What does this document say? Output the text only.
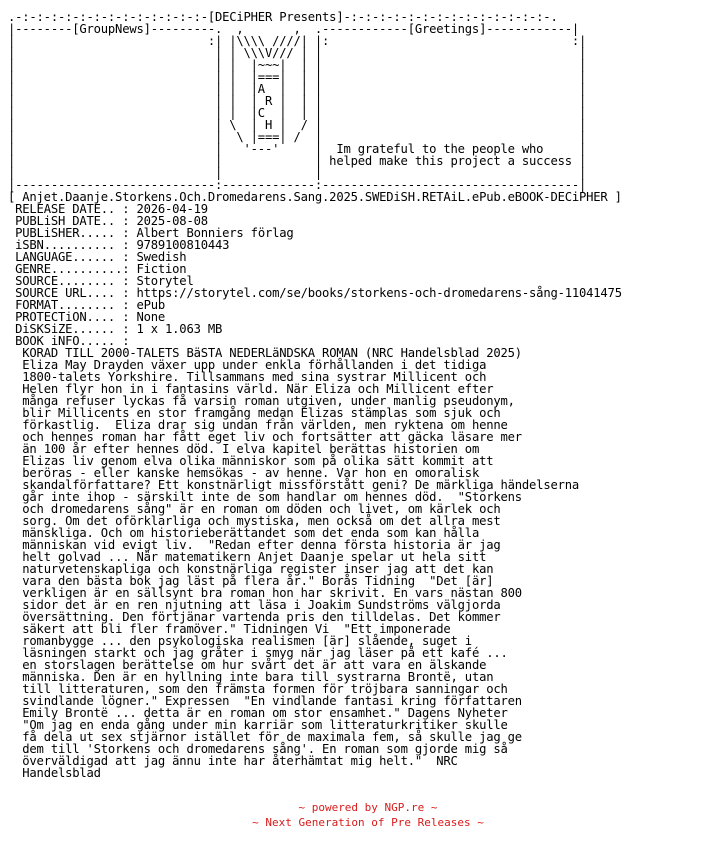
.-:-:-:-:-:-:-:-:-:-:-:-:-:-[DECiPHER Presents]-:-:-:-:-:-:-:-:-:-:-:-:-:-:-.
|--------[GroupNews]---------.  ,       ,  .------------[Greetings]------------|
|                           :| |\\\\ ////| |:                                  :|
|                            | | \\\V/// | |                                    |
|                            | |  |~~~|  | |                                    |
|                            | |  |===|  | |                                    |
|                            | |  |A  |  | |                                    |
|                            | |  | R |  | |                                    |
|                            | |  |C  |  | |                                    |
|                            | \  | H |  / |                                    |
|                            |  \ |===| /  |                                    |
|                            |   '---'     |  Im grateful to the people who     |
|                            |             | helped make this project a success |
|                            |             |                                    |
|----------------------------:-------------:------------------------------------|
[ Anjet.Daanje.Storkens.Och.Dromedarens.Sang.2025.SWEDiSH.RETAiL.ePub.eBOOK-DECiPHER ]
RELEASE DATE.. : 2026-04-19
PUBLiSH DATE.. : 2025-08-08
PUBLiSHER..... : Albert Bonniers förlag
iSBN.......... : 9789100810443
LANGUAGE...... : Swedish
GENRE..........: Fiction
SOURCE........ : Storytel
SOURCE URL.... : https://storytel.com/se/books/storkens-och-dromedarens-sång-11041475
FORMAT........ : ePub
PROTECTiON.... : None
DiSKSiZE...... : 1 x 1.063 MB
BOOK iNFO..... :
KORAD TILL 2000-TALETS BäSTA NEDERLäNDSKA ROMAN (NRC Handelsblad 2025)
Eliza May Drayden växer upp under enkla förhållanden i det tidiga
1800-talets Yorkshire. Tillsammans med sina systrar Millicent och
Helen flyr hon in i fantasins värld. När Eliza och Millicent efter
många refuser lyckas få varsin roman utgiven, under manlig pseudonym,
blir Millicents en stor framgång medan Elizas stämplas som sjuk och
förkastlig.  Eliza drar sig undan från världen, men ryktena om henne
och hennes roman har fått eget liv och fortsätter att gäcka läsare mer
än 100 år efter hennes död. I elva kapitel berättas historien om
Elizas liv genom elva olika människor som på olika sätt kommit att
beröras - eller kanske hemsökas - av henne. Var hon en omoralisk
skandalförfattare? Ett konstnärligt missförstått geni? De märkliga händelserna
går inte ihop - särskilt inte de som handlar om hennes död.  "Storkens
och dromedarens sång" är en roman om döden och livet, om kärlek och
sorg. Om det oförklarliga och mystiska, men också om det allra mest
mänskliga. Och om historieberättandet som det enda som kan hålla
människan vid evigt liv.  "Redan efter denna första historia är jag
helt golvad ... När matematikern Anjet Daanje spelar ut hela sitt
naturvetenskapliga och konstnärliga register inser jag att det kan
vara den bästa bok jag läst på flera år." Borås Tidning  "Det [är]
verkligen är en sällsynt bra roman hon har skrivit. En vars nästan 800
sidor det är en ren njutning att läsa i Joakim Sundströms välgjorda
översättning. Den förtjänar vartenda pris den tilldelas. Det kommer
säkert att bli fler framöver." Tidningen Vi  "Ett imponerade
romanbygge ... den psykologiska realismen [är] slående, suget i
läsningen starkt och jag gråter i smyg när jag läser på ett kafé ...
en storslagen berättelse om hur svårt det är att vara en älskande
människa. Den är en hyllning inte bara till systrarna Brontë, utan
till litteraturen, som den främsta formen för tröjbara sanningar och
svindlande lögner." Expressen  "En vindlande fantasi kring författaren
Emily Brontë ... detta är en roman om stor ensamhet." Dagens Nyheter
"Om jag en enda gång under min karriär som litteraturkritiker skulle
få dela ut sex stjärnor istället för de maximala fem, så skulle jag ge
dem till 'Storkens och dromedarens sång'. En roman som gjorde mig så
överväldigad att jag ännu inte har återhämtat mig helt."  NRC
Handelsblad
~ powered by NGP.re ~
~ Next Generation of Pre Releases ~
